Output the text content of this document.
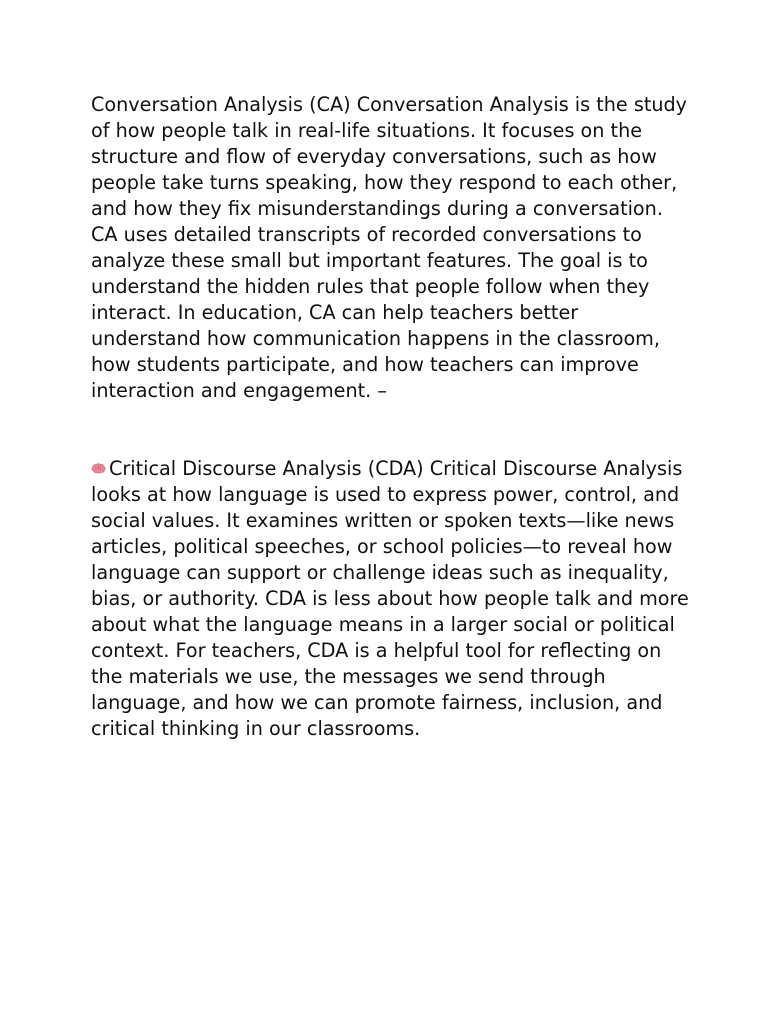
Conversation Analysis (CA) Conversation Analysis is the study of how people talk in real-life situations. It focuses on the structure and flow of everyday conversations, such as how people take turns speaking, how they respond to each other, and how they fix misunderstandings during a conversation. CA uses detailed transcripts of recorded conversations to analyze these small but important features. The goal is to understand the hidden rules that people follow when they interact. In education, CA can help teachers better understand how communication happens in the classroom, how students participate, and how teachers can improve interaction and engagement. –

Critical Discourse Analysis (CDA) Critical Discourse Analysis looks at how language is used to express power, control, and social values. It examines written or spoken texts—like news articles, political speeches, or school policies—to reveal how language can support or challenge ideas such as inequality, bias, or authority. CDA is less about how people talk and more about what the language means in a larger social or political context. For teachers, CDA is a helpful tool for reflecting on the materials we use, the messages we send through language, and how we can promote fairness, inclusion, and critical thinking in our classrooms.
